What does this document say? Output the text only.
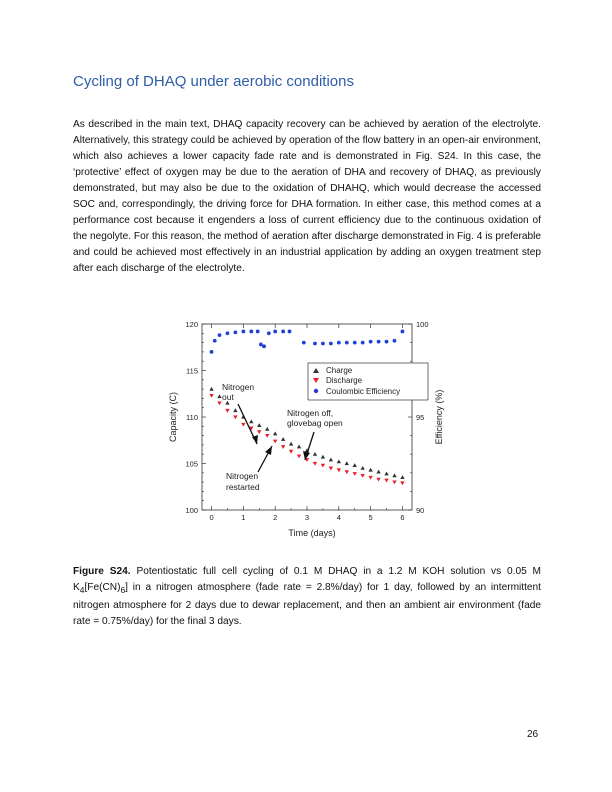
Cycling of DHAQ under aerobic conditions

As described in the main text, DHAQ capacity recovery can be achieved by aeration of the electrolyte. Alternatively, this strategy could be achieved by operation of the flow battery in an open-air environment, which also achieves a lower capacity fade rate and is demonstrated in Fig. S24. In this case, the ‘protective’ effect of oxygen may be due to the aeration of DHA and recovery of DHAQ, as previously demonstrated, but may also be due to the oxidation of DHAHQ, which would decrease the accessed SOC and, correspondingly, the driving force for DHA formation. In either case, this method comes at a performance cost because it engenders a loss of current efficiency due to the continuous oxidation of the negolyte. For this reason, the method of aeration after discharge demonstrated in Fig. 4 is preferable and could be achieved most effectively in an industrial application by adding an oxygen treatment step after each discharge of the electrolyte.

0	1	2	3	4	5	6
100
105
110
115
120
90
95
100
Charge
Discharge
Coulombic Efficiency
Nitrogen
out
Nitrogen off,
glovebag open
Nitrogen
restarted
Time (days)
Capacity (C)	Efficiency (%)

Figure S24. Potentiostatic full cell cycling of 0.1 M DHAQ in a 1.2 M KOH solution vs 0.05 M $K_4[Fe(CN)_6]$ in a nitrogen atmosphere (fade rate = 2.8%/day) for 1 day, followed by an intermittent nitrogen atmosphere for 2 days due to dewar replacement, and then an ambient air environment (fade rate = 0.75%/day) for the final 3 days.

26
